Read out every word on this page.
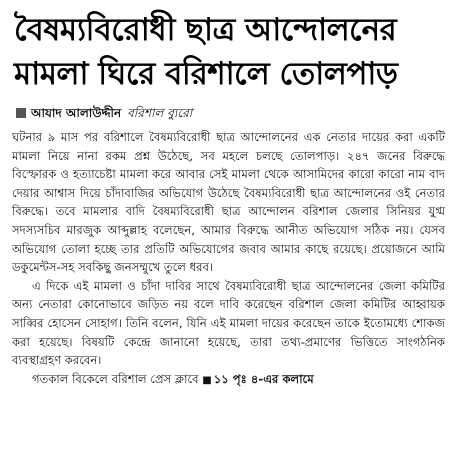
বৈষম্যবিরোধী ছাত্র আন্দোলনের
মামলা ঘিরে বরিশালে তোলপাড়
আযাদ আলাউদ্দীন বরিশাল ব্যুরো

ঘটনার ৯ মাস পর বরিশালে বৈষম্যবিরোধী ছাত্র আন্দোলনের এক নেতার দায়ের করা একটি মামলা নিয়ে নানা রকম প্রশ্ন উঠেছে, সব মহলে চলছে তোলপাড়। ২৪৭ জনের বিরুদ্ধে বিস্ফোরক ও হত্যাচেষ্টা মামলা করে আবার সেই মামলা থেকে আসামিদের কারো কারো নাম বাদ দেয়ার আশ্বাস দিয়ে চাঁদাবাজির অভিযোগ উঠেছে বৈষম্যবিরোধী ছাত্র আন্দোলনের ওই নেতার বিরুদ্ধে। তবে মামলার বাদি বৈষম্যবিরোধী ছাত্র আন্দোলন বরিশাল জেলার সিনিয়র যুগ্ম সদস্যসচিব মারজুক আব্দুল্লাহ বলেছেন, আমার বিরুদ্ধে আনীত অভিযোগ সঠিক নয়। যেসব অভিযোগ তোলা হচ্ছে তার প্রতিটি অভিযোগের জবাব আমার কাছে রয়েছে। প্রয়োজনে আমি ডকুমেন্টস-সহ সবকিছু জনসম্মুখে তুলে ধরব।

এ দিকে এই মামলা ও চাঁদা দাবির সাথে বৈষম্যবিরোধী ছাত্র আন্দোলনের জেলা কমিটির অন্য নেতারা কোনোভাবে জড়িত নয় বলে দাবি করেছেন বরিশাল জেলা কমিটির আহ্বায়ক সাব্বির হোসেন সোহাগ। তিনি বলেন, যিনি এই মামলা দায়ের করেছেন তাকে ইতোমধ্যে শোকজ করা হয়েছে। বিষয়টি কেন্দ্রে জানানো হয়েছে, তারা তথ্য-প্রমাণের ভিত্তিতে সাংগঠনিক ব্যবস্থাগ্রহণ করবেন।

গতকাল বিকেলে বরিশাল প্রেস ক্লাবে ■ ১১ পৃঃ ৪-এর কলামে
